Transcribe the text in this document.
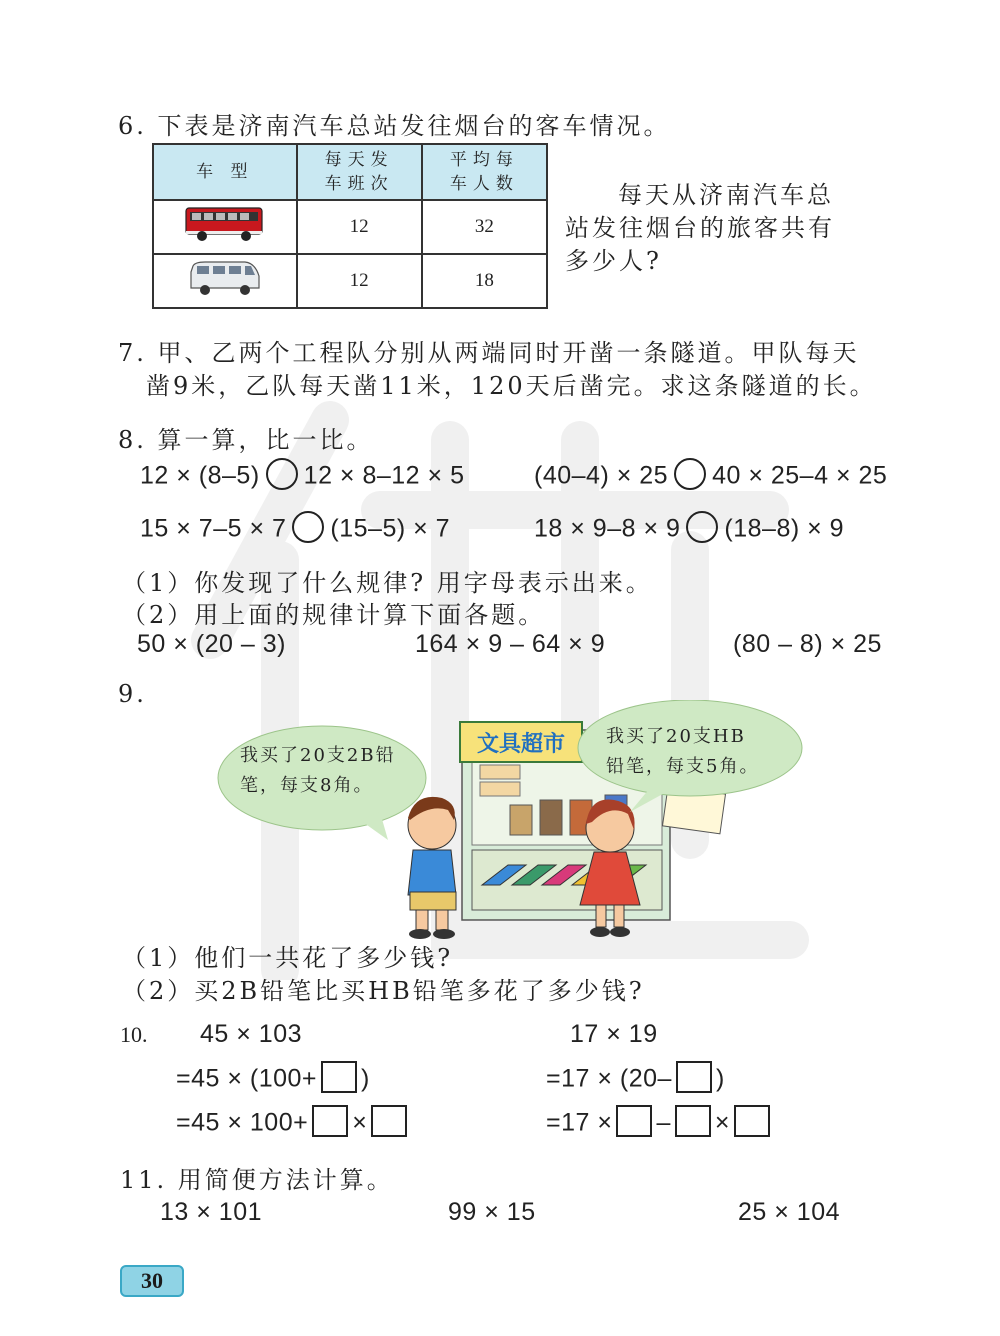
6. 下表是济南汽车总站发往烟台的客车情况。
车 型	每天发车班次	平均每车人数

	12	32
	12	18
每天从济南汽车总
站发往烟台的旅客共有
多少人?
7. 甲、乙两个工程队分别从两端同时开凿一条隧道。甲队每天
凿9米，乙队每天凿11米，120天后凿完。求这条隧道的长。
8. 算一算，比一比。
12 × (8–5) 12 × 8–12 × 5	(40–4) × 25 40 × 25–4 × 25
15 × 7–5 × 7 (15–5) × 7	18 × 9–8 × 9 (18–8) × 9
（1）你发现了什么规律? 用字母表示出来。
（2）用上面的规律计算下面各题。
50 × (20 – 3)	164 × 9 – 64 × 9	(80 – 8) × 25
9.
文具超市
我买了20支2B铅
笔，每支8角。
我买了20支HB
铅笔，每支5角。
（1）他们一共花了多少钱?
（2）买2B铅笔比买HB铅笔多花了多少钱?
10. 45 × 103
=45 × (100+ )
=45 × 100+ ×
17 × 19
=17 × (20– )
=17 × – ×
11. 用简便方法计算。
13 × 101	99 × 15	25 × 104
30
